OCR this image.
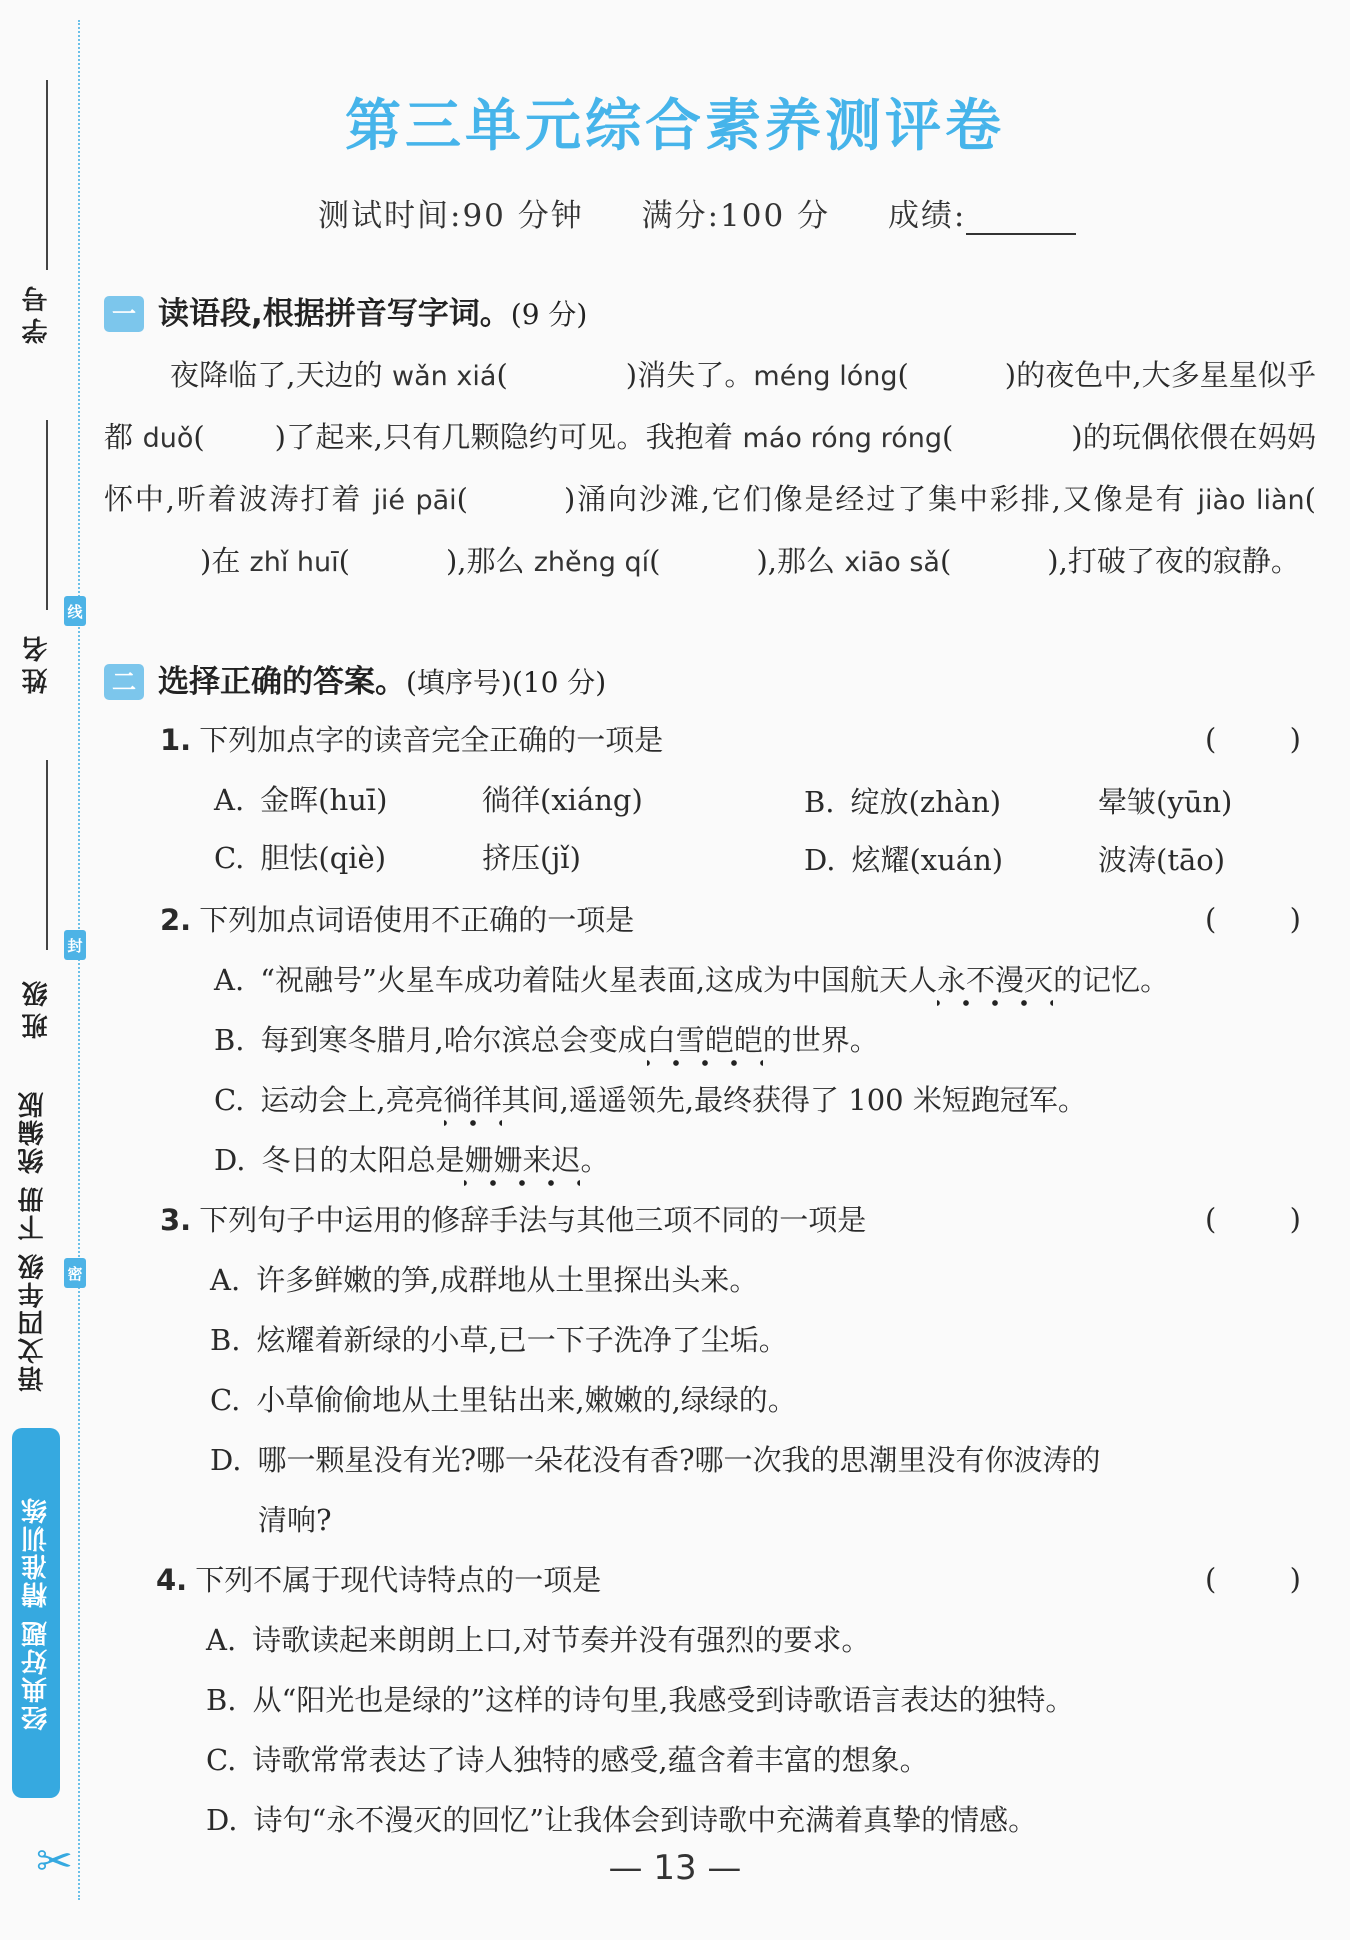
学号
线
姓名
封
班级
密
语文四年级 下册 统编版
经典好题 精准训练
✂
第三单元综合素养测评卷
测试时间:90 分钟 满分:100 分 成绩:
一 读语段,根据拼音写字词。(9 分)
夜降临了,天边的 wǎn xiá(	)消失了。méng lóng(	)的夜色中,大多星星似乎都 duǒ( )了起来,只有几颗隐约可见。我抱着 máo róng róng(	)的玩偶依偎在妈妈怀中,听着波涛打着 jié pāi(	)涌向沙滩,它们像是经过了集中彩排,又像是有 jiào liàn()在 zhǐ huī(	),那么 zhěng qí(	),那么 xiāo sǎ(	),打破了夜的寂静。
二 选择正确的答案。(填序号)(10 分)
1. 下列加点字的读音完全正确的一项是	(	)
A. 金晖(huī)	徜徉(xiáng)	B. 绽放(zhàn)	晕皱(yūn)
C. 胆怯(qiè)	挤压(jǐ)	D. 炫耀(xuán)	波涛(tāo)
2. 下列加点词语使用不正确的一项是	(	)
A. “祝融号”火星车成功着陆火星表面,这成为中国航天人永不漫灭的记忆。
B. 每到寒冬腊月,哈尔滨总会变成白雪皑皑的世界。
C. 运动会上,亮亮徜徉其间,遥遥领先,最终获得了 100 米短跑冠军。
D. 冬日的太阳总是姗姗来迟。
3. 下列句子中运用的修辞手法与其他三项不同的一项是	(	)
A. 许多鲜嫩的笋,成群地从土里探出头来。
B. 炫耀着新绿的小草,已一下子洗净了尘垢。
C. 小草偷偷地从土里钻出来,嫩嫩的,绿绿的。
D. 哪一颗星没有光?哪一朵花没有香?哪一次我的思潮里没有你波涛的
清响?
4. 下列不属于现代诗特点的一项是	(	)
A. 诗歌读起来朗朗上口,对节奏并没有强烈的要求。
B. 从“阳光也是绿的”这样的诗句里,我感受到诗歌语言表达的独特。
C. 诗歌常常表达了诗人独特的感受,蕴含着丰富的想象。
D. 诗句“永不漫灭的回忆”让我体会到诗歌中充满着真挚的情感。
— 13 —
